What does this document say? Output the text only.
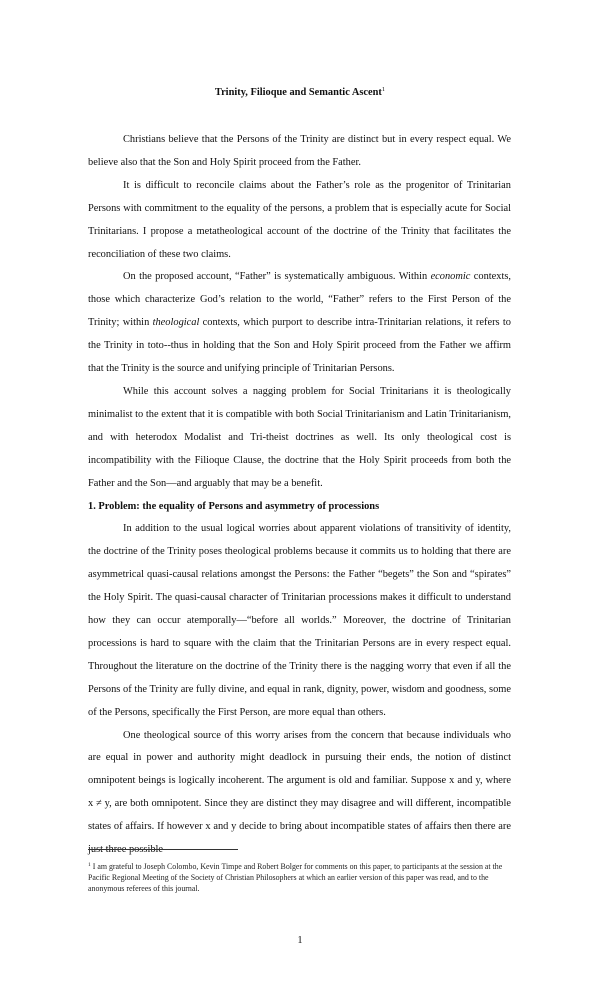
Trinity, Filioque and Semantic Ascent$^1$

Christians believe that the Persons of the Trinity are distinct but in every respect equal. We believe also that the Son and Holy Spirit proceed from the Father.

It is difficult to reconcile claims about the Father’s role as the progenitor of Trinitarian Persons with commitment to the equality of the persons, a problem that is especially acute for Social Trinitarians. I propose a metatheological account of the doctrine of the Trinity that facilitates the reconciliation of these two claims.

On the proposed account, “Father” is systematically ambiguous. Within economic contexts, those which characterize God’s relation to the world, “Father” refers to the First Person of the Trinity; within theological contexts, which purport to describe intra-Trinitarian relations, it refers to the Trinity in toto--thus in holding that the Son and Holy Spirit proceed from the Father we affirm that the Trinity is the source and unifying principle of Trinitarian Persons.

While this account solves a nagging problem for Social Trinitarians it is theologically minimalist to the extent that it is compatible with both Social Trinitarianism and Latin Trinitarianism, and with heterodox Modalist and Tri-theist doctrines as well. Its only theological cost is incompatibility with the Filioque Clause, the doctrine that the Holy Spirit proceeds from both the Father and the Son—and arguably that may be a benefit.

1. Problem: the equality of Persons and asymmetry of processions

In addition to the usual logical worries about apparent violations of transitivity of identity, the doctrine of the Trinity poses theological problems because it commits us to holding that there are asymmetrical quasi-causal relations amongst the Persons: the Father “begets” the Son and “spirates” the Holy Spirit. The quasi-causal character of Trinitarian processions makes it difficult to understand how they can occur atemporally—“before all worlds.” Moreover, the doctrine of Trinitarian processions is hard to square with the claim that the Trinitarian Persons are in every respect equal. Throughout the literature on the doctrine of the Trinity there is the nagging worry that even if all the Persons of the Trinity are fully divine, and equal in rank, dignity, power, wisdom and goodness, some of the Persons, specifically the First Person, are more equal than others.

One theological source of this worry arises from the concern that because individuals who are equal in power and authority might deadlock in pursuing their ends, the notion of distinct omnipotent beings is logically incoherent. The argument is old and familiar. Suppose x and y, where x ≠ y, are both omnipotent. Since they are distinct they may disagree and will different, incompatible states of affairs. If however x and y decide to bring about incompatible states of affairs then there are just three possible

$^1$ I am grateful to Joseph Colombo, Kevin Timpe and Robert Bolger for comments on this paper, to participants at the session at the Pacific Regional Meeting of the Society of Christian Philosophers at which an earlier version of this paper was read, and to the anonymous referees of this journal.
1
